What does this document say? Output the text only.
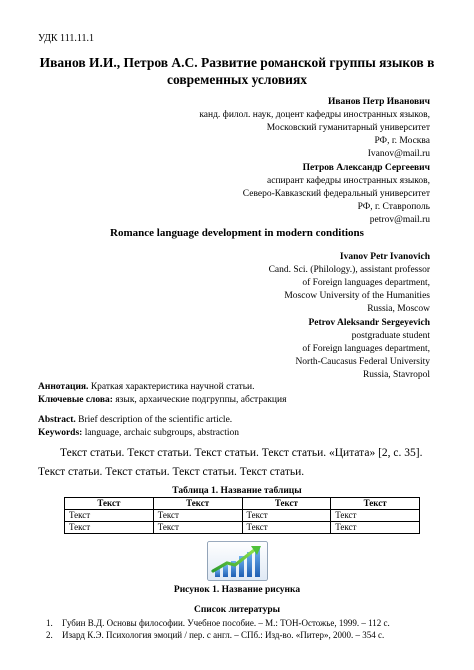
УДК 111.11.1
Иванов И.И., Петров А.С. Развитие романской группы языков в
современных условиях
Иванов Петр Иванович
канд. филол. наук, доцент кафедры иностранных языков,
Московский гуманитарный университет
РФ, г. Москва
Ivanov@mail.ru
Петров Александр Сергеевич
аспирант кафедры иностранных языков,
Северо-Кавказский федеральный университет
РФ, г. Ставрополь
petrov@mail.ru
Romance language development in modern conditions
Ivanov Petr Ivanovich
Cand. Sci. (Philology.), assistant professor
of Foreign languages department,
Moscow University of the Humanities
Russia, Moscow
Petrov Aleksandr Sergeyevich
postgraduate student
of Foreign languages department,
North-Caucasus Federal University
Russia, Stavropol
Аннотация. Краткая характеристика научной статьи.
Ключевые слова: язык, архаические подгруппы, абстракция
Abstract. Brief description of the scientific article.
Keywords: language, archaic subgroups, abstraction
Текст статьи. Текст статьи. Текст статьи. Текст статьи. «Цитата» [2, с. 35].
Текст статьи. Текст статьи. Текст статьи. Текст статьи.
Таблица 1. Название таблицы
Текст	Текст	Текст	Текст
Текст	Текст	Текст	Текст
Текст	Текст	Текст	Текст
Рисунок 1. Название рисунка
Список литературы
1. Губин В.Д. Основы философии. Учебное пособие. – М.: ТОН-Остожье, 1999. – 112 с.
2. Изард К.Э. Психология эмоций / пер. с англ. – СПб.: Изд-во. «Питер», 2000. – 354 с.
